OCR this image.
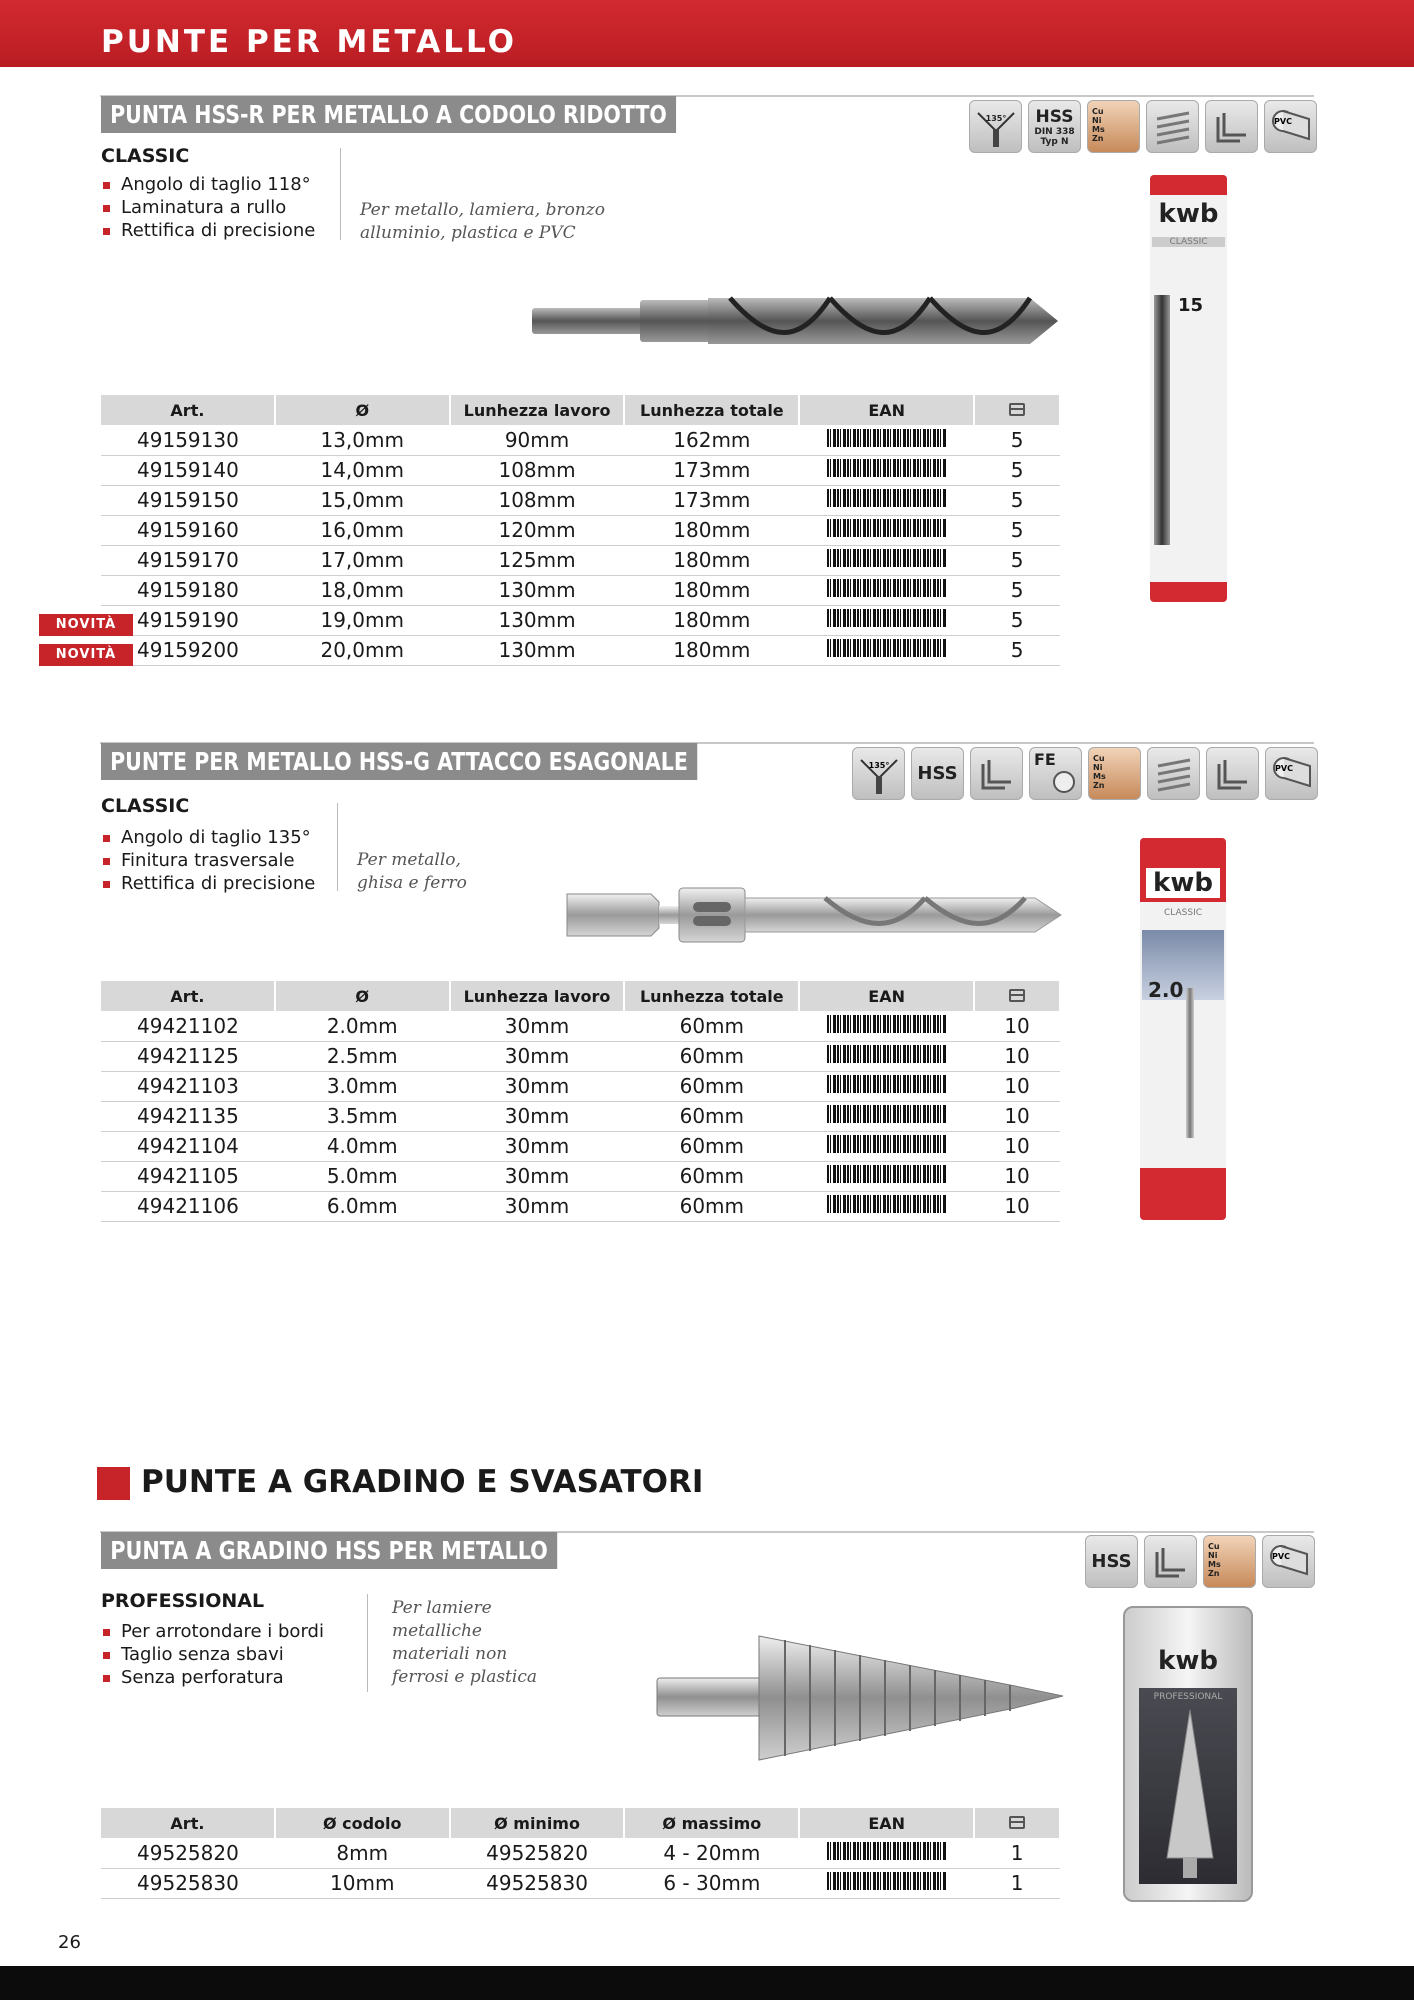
PUNTE PER METALLO
PUNTA HSS-R PER METALLO A CODOLO RIDOTTO	135° HSS
DIN 338
Typ N
Cu Ni Ms Zn
PVC
CLASSIC
Angolo di taglio 118°
Laminatura a rullo
Rettifica di precisione
Per metallo, lamiera, bronzo
alluminio, plastica e PVC
Art.	Ø	Lunhezza lavoro	Lunhezza totale	EAN	
49159130	13,0mm	90mm	162mm		5
49159140	14,0mm	108mm	173mm		5
49159150	15,0mm	108mm	173mm		5
49159160	16,0mm	120mm	180mm		5
49159170	17,0mm	125mm	180mm		5
49159180	18,0mm	130mm	180mm		5
49159190	19,0mm	130mm	180mm		5
49159200	20,0mm	130mm	180mm		5
NOVITÀ
NOVITÀ
kwb
CLASSIC
15
PUNTE PER METALLO HSS-G ATTACCO ESAGONALE	135° HSS
FE	Cu Ni Ms Zn
PVC
CLASSIC
Angolo di taglio 135°
Finitura trasversale
Rettifica di precisione
Per metallo,
ghisa e ferro
Art.	Ø	Lunhezza lavoro	Lunhezza totale	EAN	
49421102	2.0mm	30mm	60mm		10
49421125	2.5mm	30mm	60mm		10
49421103	3.0mm	30mm	60mm		10
49421135	3.5mm	30mm	60mm		10
49421104	4.0mm	30mm	60mm		10
49421105	5.0mm	30mm	60mm		10
49421106	6.0mm	30mm	60mm		10
kwb
CLASSIC
2.0
PUNTE A GRADINO E SVASATORI
PUNTA A GRADINO HSS PER METALLO	HSS
Cu Ni Ms Zn
PVC
PROFESSIONAL
Per arrotondare i bordi
Taglio senza sbavi
Senza perforatura
Per lamiere
metalliche
materiali non
ferrosi e plastica
Art.	Ø codolo	Ø minimo	Ø massimo	EAN	
49525820	8mm	49525820	4 - 20mm		1
49525830	10mm	49525830	6 - 30mm		1
kwb
PROFESSIONAL
26
